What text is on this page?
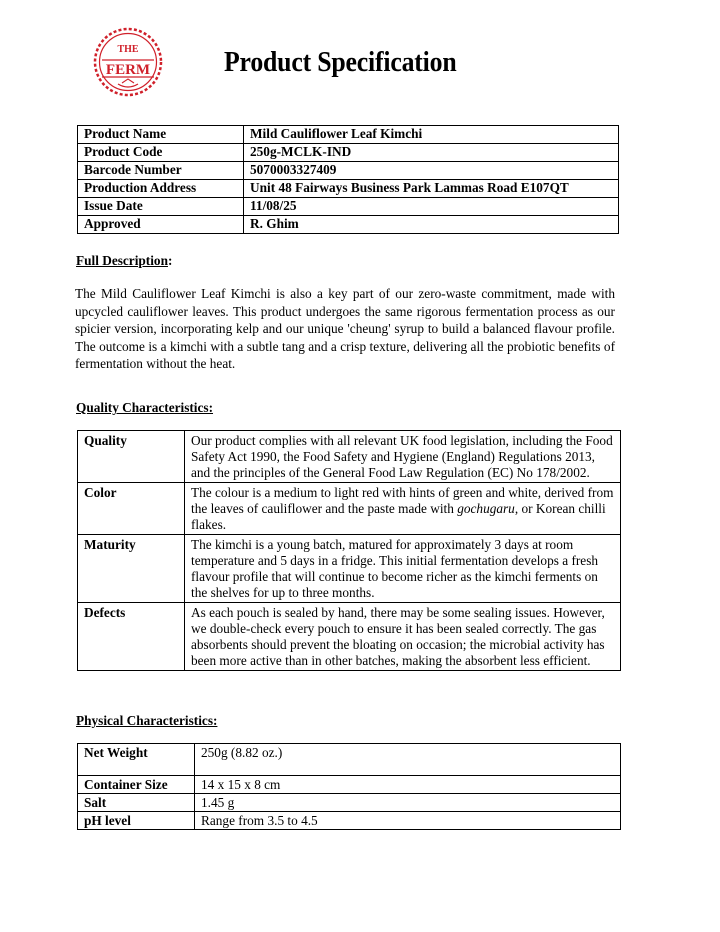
THE
FERM	Product Specification
Product Name	Mild Cauliflower Leaf Kimchi
Product Code	250g-MCLK-IND
Barcode Number	5070003327409
Production Address	Unit 48 Fairways Business Park Lammas Road E107QT
Issue Date	11/08/25
Approved	R. Ghim

Full Description:

The Mild Cauliflower Leaf Kimchi is also a key part of our zero-waste commitment, made with upcycled cauliflower leaves. This product undergoes the same rigorous fermentation process as our spicier version, incorporating kelp and our unique 'cheung' syrup to build a balanced flavour profile. The outcome is a kimchi with a subtle tang and a crisp texture, delivering all the probiotic benefits of fermentation without the heat.

Quality Characteristics:

Quality	Our product complies with all relevant UK food legislation, including the Food Safety Act 1990, the Food Safety and Hygiene (England) Regulations 2013, and the principles of the General Food Law Regulation (EC) No 178/2002.
Color	The colour is a medium to light red with hints of green and white, derived from the leaves of cauliflower and the paste made with gochugaru, or Korean chilli flakes.
Maturity	The kimchi is a young batch, matured for approximately 3 days at room temperature and 5 days in a fridge. This initial fermentation develops a fresh flavour profile that will continue to become richer as the kimchi ferments on the shelves for up to three months.
Defects	As each pouch is sealed by hand, there may be some sealing issues. However, we double-check every pouch to ensure it has been sealed correctly. The gas absorbents should prevent the bloating on occasion; the microbial activity has been more active than in other batches, making the absorbent less efficient.

Physical Characteristics:

Net Weight	250g (8.82 oz.)
Container Size	14 x 15 x 8 cm
Salt	1.45 g
pH level	Range from 3.5 to 4.5
